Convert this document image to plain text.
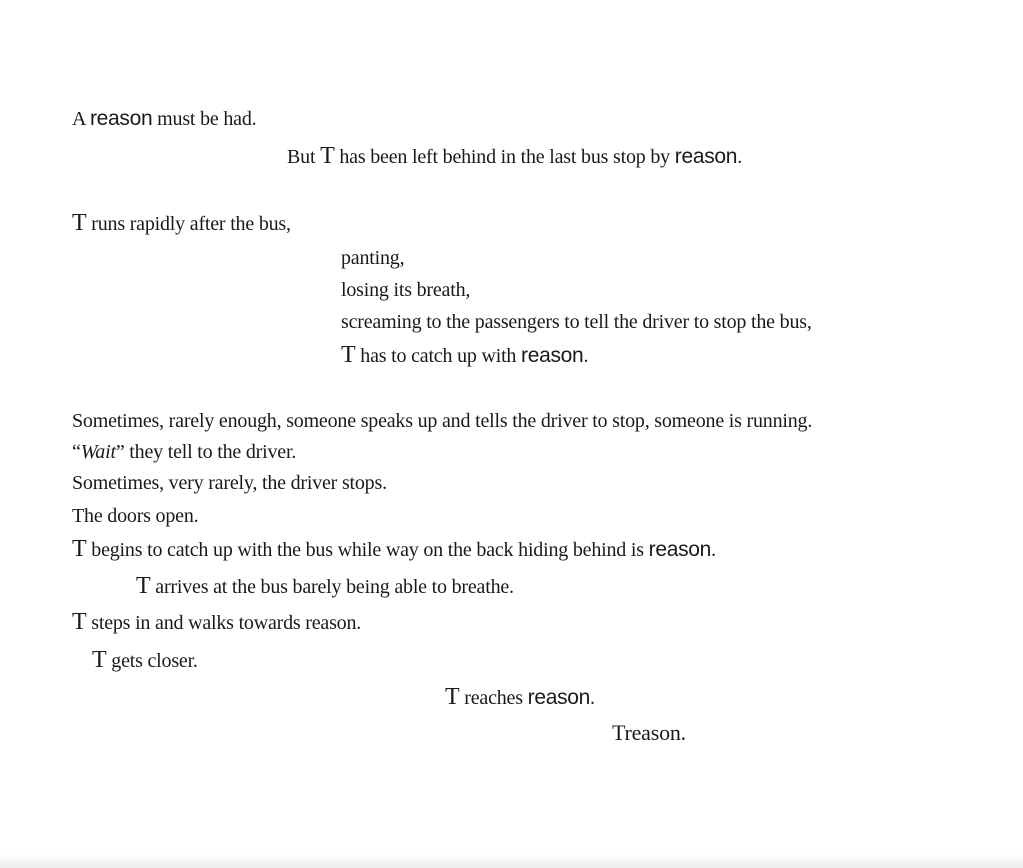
A reason must be had.
But T has been left behind in the last bus stop by reason.
T runs rapidly after the bus,
panting,
losing its breath,
screaming to the passengers to tell the driver to stop the bus,
T has to catch up with reason.
Sometimes, rarely enough, someone speaks up and tells the driver to stop, someone is running.
“Wait” they tell to the driver.
Sometimes, very rarely, the driver stops.
The doors open.
T begins to catch up with the bus while way on the back hiding behind is reason.
T arrives at the bus barely being able to breathe.
T steps in and walks towards reason.
T gets closer.
T reaches reason.
Treason.
